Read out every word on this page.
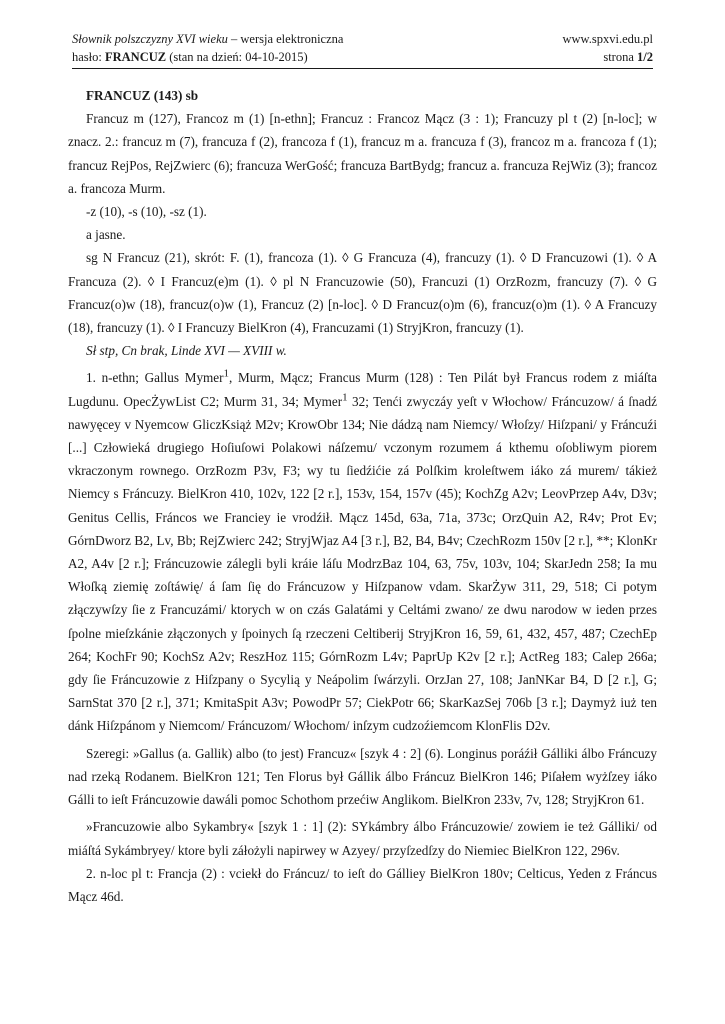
Słownik polszczyzny XVI wieku – wersja elektroniczna	www.spxvi.edu.pl
hasło: FRANCUZ (stan na dzień: 04-10-2015)	strona 1/2

FRANCUZ (143) sb

Francuz m (127), Francoz m (1) [n-ethn]; Francuz : Francoz Mącz (3 : 1); Francuzy pl t (2) [n-loc]; w znacz. 2.: francuz m (7), francuza f (2), francoza f (1), francuz m a. francuza f (3), francoz m a. francoza f (1); francuz RejPos, RejZwierc (6); francuza WerGość; francuza BartBydg; francuz a. francuza RejWiz (3); francoz a. francoza Murm.

-z (10), -s (10), -sz (1).

a jasne.

sg N Francuz (21), skrót: F. (1), francoza (1). ◊ G Francuza (4), francuzy (1). ◊ D Francuzowi (1). ◊ A Francuza (2). ◊ I Francuz(e)m (1). ◊ pl N Francuzowie (50), Francuzi (1) OrzRozm, francuzy (7). ◊ G Francuz(o)w (18), francuz(o)w (1), Francuz (2) [n-loc]. ◊ D Francuz(o)m (6), francuz(o)m (1). ◊ A Francuzy (18), francuzy (1). ◊ I Francuzy BielKron (4), Francuzami (1) StryjKron, francuzy (1).

Sł stp, Cn brak, Linde XVI — XVIII w.

1. n-ethn; Gallus Mymer$^1$, Murm, Mącz; Francus Murm (128) : Ten Pilát był Francus rodem z miáſta Lugdunu. OpecŻywList C2; Murm 31, 34; Mymer$^1$ 32; Tenći zwyczáy yeſt v Włochow/ Fráncuzow/ á ſnadź nawyęcey v Nyemcow GliczKsiąż M2v; KrowObr 134; Nie dádzą nam Niemcy/ Włoſzy/ Hiſzpani/ y Fráncuźi [...] Człowieká drugiego Hoſiuſowi Polakowi náſzemu/ vczonym rozumem á kthemu oſobliwym piorem vkraczonym rownego. OrzRozm P3v, F3; wy tu ſiedźićie zá Polſkim kroleſtwem iáko zá murem/ tákież Niemcy s Fráncuzy. BielKron 410, 102v, 122 [2 r.], 153v, 154, 157v (45); KochZg A2v; LeovPrzep A4v, D3v; Genitus Cellis, Fráncos we Franciey ie vrodźił. Mącz 145d, 63a, 71a, 373c; OrzQuin A2, R4v; Prot Ev; GórnDworz B2, Lv, Bb; RejZwierc 242; StryjWjaz A4 [3 r.], B2, B4, B4v; CzechRozm 150v [2 r.], **; KlonKr A2, A4v [2 r.]; Fráncuzowie zálegli byli kráie láſu ModrzBaz 104, 63, 75v, 103v, 104; SkarJedn 258; Ia mu Włoſką ziemię zoſtáwię/ á ſam ſię do Fráncuzow y Hiſzpanow vdam. SkarŻyw 311, 29, 518; Ci potym złączywſzy ſie z Francuzámi/ ktorych w on czás Galatámi y Celtámi zwano/ ze dwu narodow w ieden przes ſpolne mieſzkánie złączonych y ſpoinych ſą rzeczeni Celtiberij StryjKron 16, 59, 61, 432, 457, 487; CzechEp 264; KochFr 90; KochSz A2v; ReszHoz 115; GórnRozm L4v; PaprUp K2v [2 r.]; ActReg 183; Calep 266a; gdy ſie Fráncuzowie z Hiſzpany o Sycylią y Neápolim ſwárzyli. OrzJan 27, 108; JanNKar B4, D [2 r.], G; SarnStat 370 [2 r.], 371; KmitaSpit A3v; PowodPr 57; CiekPotr 66; SkarKazSej 706b [3 r.]; Daymyż iuż ten dánk Hiſzpánom y Niemcom/ Fráncuzom/ Włochom/ inſzym cudzoźiemcom KlonFlis D2v.

Szeregi: »Gallus (a. Gallik) albo (to jest) Francuz« [szyk 4 : 2] (6). Longinus poráźił Gálliki álbo Fráncuzy nad rzeką Rodanem. BielKron 121; Ten Florus był Gállik álbo Fráncuz BielKron 146; Piſałem wyżſzey iáko Gálli to ieſt Fráncuzowie dawáli pomoc Schothom przećiw Anglikom. BielKron 233v, 7v, 128; StryjKron 61.

»Francuzowie albo Sykambry« [szyk 1 : 1] (2): SYkámbry álbo Fráncuzowie/ zowiem ie też Gálliki/ od miáſtá Sykámbryey/ ktore byli záłożyli napirwey w Azyey/ przyſzedſzy do Niemiec BielKron 122, 296v.

2. n-loc pl t: Francja (2) : vciekł do Fráncuz/ to ieſt do Gálliey BielKron 180v; Celticus, Yeden z Fráncus Mącz 46d.
